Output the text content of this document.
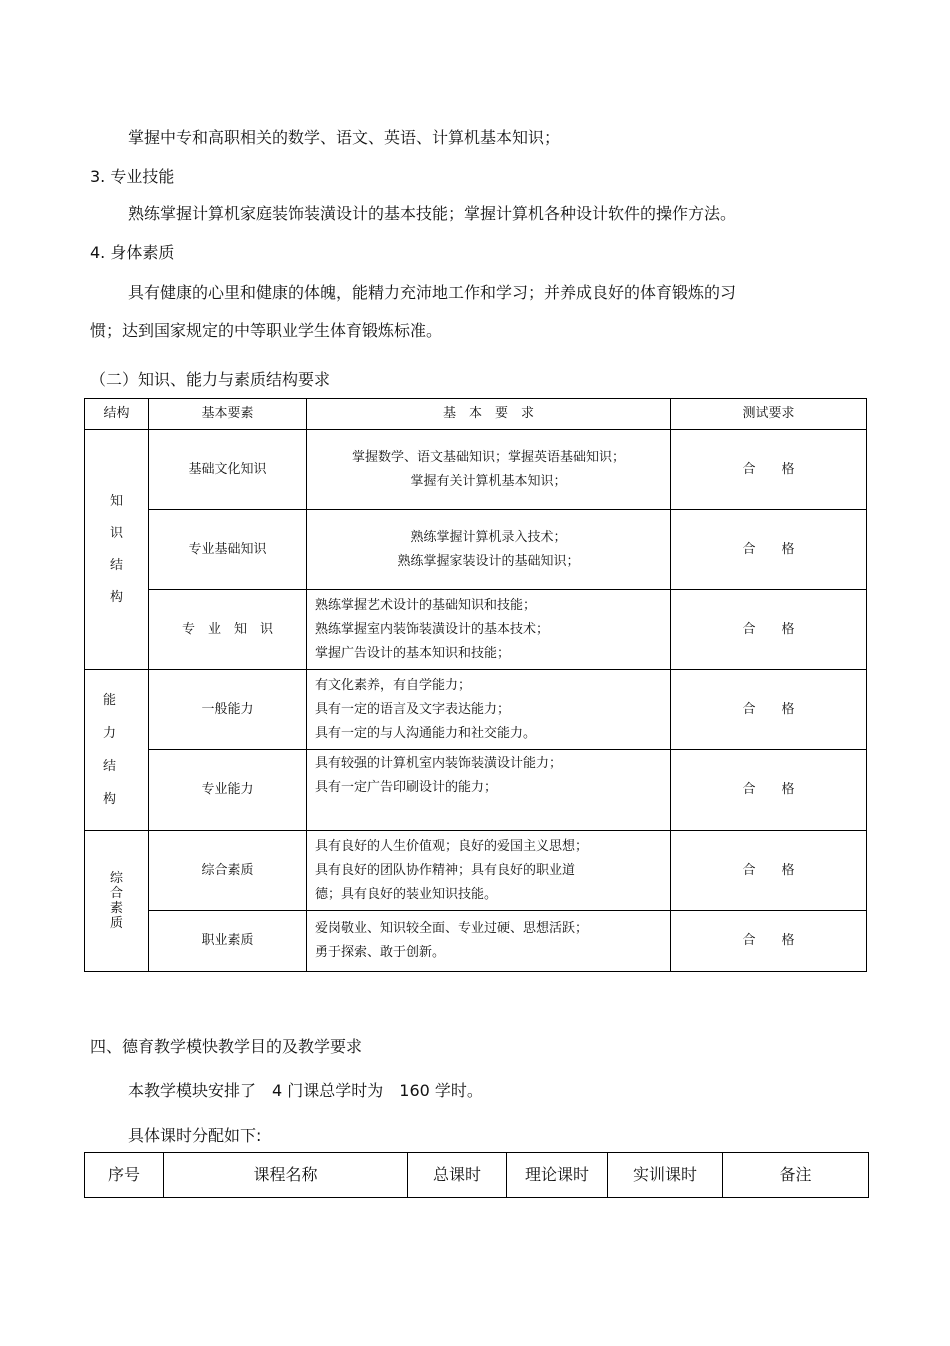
掌握中专和高职相关的数学、语文、英语、计算机基本知识；
3. 专业技能
熟练掌握计算机家庭装饰装潢设计的基本技能；掌握计算机各种设计软件的操作方法。
4. 身体素质
具有健康的心里和健康的体魄，能精力充沛地工作和学习；并养成良好的体育锻炼的习
惯；达到国家规定的中等职业学生体育锻炼标准。
（二）知识、能力与素质结构要求
结构	基本要素	基　本　要　求	测试要求

知
识
结
构	基础文化知识	掌握数学、语文基础知识；掌握英语基础知识；
掌握有关计算机基本知识；	合　　格
	专业基础知识	熟练掌握计算机录入技术；
熟练掌握家装设计的基础知识；	合　　格
	专　业　知　识	熟练掌握艺术设计的基础知识和技能；
熟练掌握室内装饰装潢设计的基本技术；
掌握广告设计的基本知识和技能；	合　　格

能
力
结
构	一般能力	有文化素养，有自学能力；
具有一定的语言及文字表达能力；
具有一定的与人沟通能力和社交能力。	合　　格
	专业能力	具有较强的计算机室内装饰装潢设计能力；
具有一定广告印刷设计的能力；	合　　格

综
合
素
质	综合素质	具有良好的人生价值观；良好的爱国主义思想；
具有良好的团队协作精神；具有良好的职业道
德；具有良好的装业知识技能。	合　　格
	职业素质	爱岗敬业、知识较全面、专业过硬、思想活跃；
勇于探索、敢于创新。	合　　格
四、德育教学模快教学目的及教学要求
本教学模块安排了　4 门课总学时为　160 学时。
具体课时分配如下:
序号	课程名称	总课时	理论课时	实训课时	备注
